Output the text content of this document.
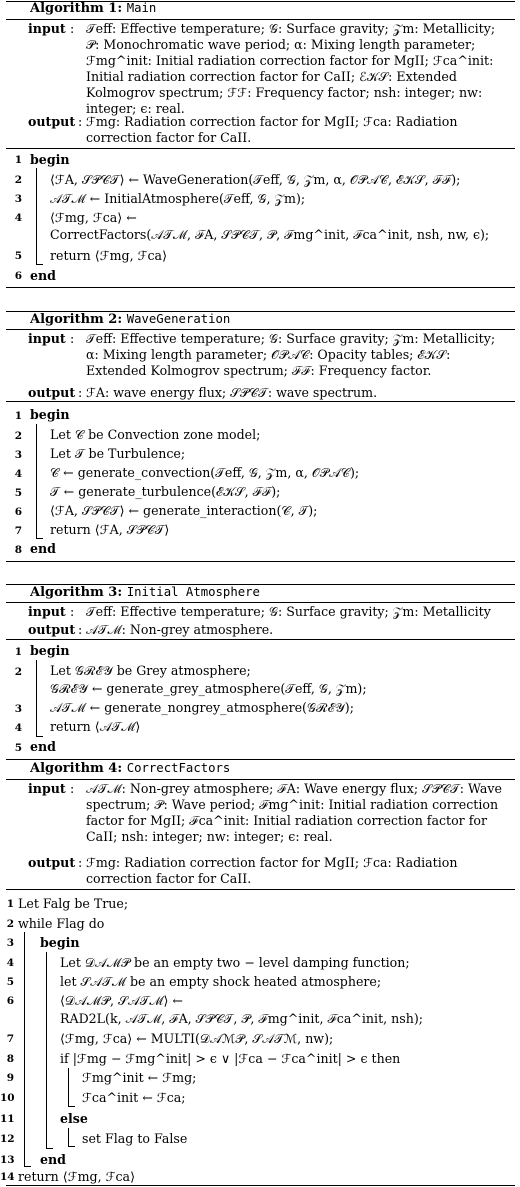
Algorithm 1: Main
input : 𝒯eff: Effective temperature; 𝒢: Surface gravity; 𝒵m: Metallicity; 𝒫: Monochromatic wave period; α: Mixing length parameter; ℱmg^init: Initial radiation correction factor for MgII; ℱca^init: Initial radiation correction factor for CaII; ℰ𝒦𝒮: Extended Kolmogrov spectrum; ℱℱ: Frequency factor; nsh: integer; nw: integer; ϵ: real.
output : ℱmg: Radiation correction factor for MgII; ℱca: Radiation correction factor for CaII.
1 begin
2 ⟨ℱA, 𝒮𝒫𝒞𝒯⟩ ← WaveGeneration(𝒯eff, 𝒢, 𝒵m, α, 𝒪𝒫𝒜𝒞, ℰ𝒦𝒮, ℱℱ);
3 𝒜𝒯ℳ ← InitialAtmosphere(𝒯eff, 𝒢, 𝒵m);
4 ⟨ℱmg, ℱca⟩ ←
CorrectFactors(𝒜𝒯ℳ, ℱA, 𝒮𝒫𝒞𝒯, 𝒫, ℱmg^init, ℱca^init, nsh, nw, ϵ);
5 return ⟨ℱmg, ℱca⟩
6 end
Algorithm 2: WaveGeneration
input : 𝒯eff: Effective temperature; 𝒢: Surface gravity; 𝒵m: Metallicity; α: Mixing length parameter; 𝒪𝒫𝒜𝒞: Opacity tables; ℰ𝒦𝒮: Extended Kolmogrov spectrum; ℱℱ: Frequency factor.
output : ℱA: wave energy flux; 𝒮𝒫𝒞𝒯: wave spectrum.
1 begin
2 Let 𝒞 be Convection zone model;
3 Let 𝒯 be Turbulence;
4 𝒞 ← generate_convection(𝒯eff, 𝒢, 𝒵m, α, 𝒪𝒫𝒜𝒞);
5 𝒯 ← generate_turbulence(ℰ𝒦𝒮, ℱℱ);
6 ⟨ℱA, 𝒮𝒫𝒞𝒯⟩ ← generate_interaction(𝒞, 𝒯);
7 return ⟨ℱA, 𝒮𝒫𝒞𝒯⟩
8 end
Algorithm 3: Initial Atmosphere
input : 𝒯eff: Effective temperature; 𝒢: Surface gravity; 𝒵m: Metallicity
output : 𝒜𝒯ℳ: Non-grey atmosphere.
1 begin
2 Let 𝒢ℛℰ𝒴 be Grey atmosphere;
𝒢ℛℰ𝒴 ← generate_grey_atmosphere(𝒯eff, 𝒢, 𝒵m);
3 𝒜𝒯ℳ ← generate_nongrey_atmosphere(𝒢ℛℰ𝒴);
4 return ⟨𝒜𝒯ℳ⟩
5 end
Algorithm 4: CorrectFactors
input : 𝒜𝒯ℳ: Non-grey atmosphere; ℱA: Wave energy flux; 𝒮𝒫𝒞𝒯: Wave spectrum; 𝒫: Wave period; ℱmg^init: Initial radiation correction factor for MgII; ℱca^init: Initial radiation correction factor for CaII; nsh: integer; nw: integer; ϵ: real.
output : ℱmg: Radiation correction factor for MgII; ℱca: Radiation correction factor for CaII.
1 Let Falg be True;
2 while Flag do
3 begin
4	Let 𝒟𝒜ℳ𝒫 be an empty two − level damping function;
5	let 𝒮𝒜𝒯ℳ be an empty shock heated atmosphere;
6	⟨𝒟𝒜ℳ𝒫, 𝒮𝒜𝒯ℳ⟩ ←
RAD2L(k, 𝒜𝒯ℳ, ℱA, 𝒮𝒫𝒞𝒯, 𝒫, ℱmg^init, ℱca^init, nsh);
7	⟨ℱmg, ℱca⟩ ← MULTI(𝒟𝒜ℳ𝒫, 𝒮𝒜𝒯ℳ, nw);
8	if |ℱmg − ℱmg^init| > ϵ ∨ |ℱca − ℱca^init| > ϵ then
9	ℱmg^init ← ℱmg;
10	ℱca^init ← ℱca;
11	else
12	set Flag to False
13 end
14 return ⟨ℱmg, ℱca⟩
